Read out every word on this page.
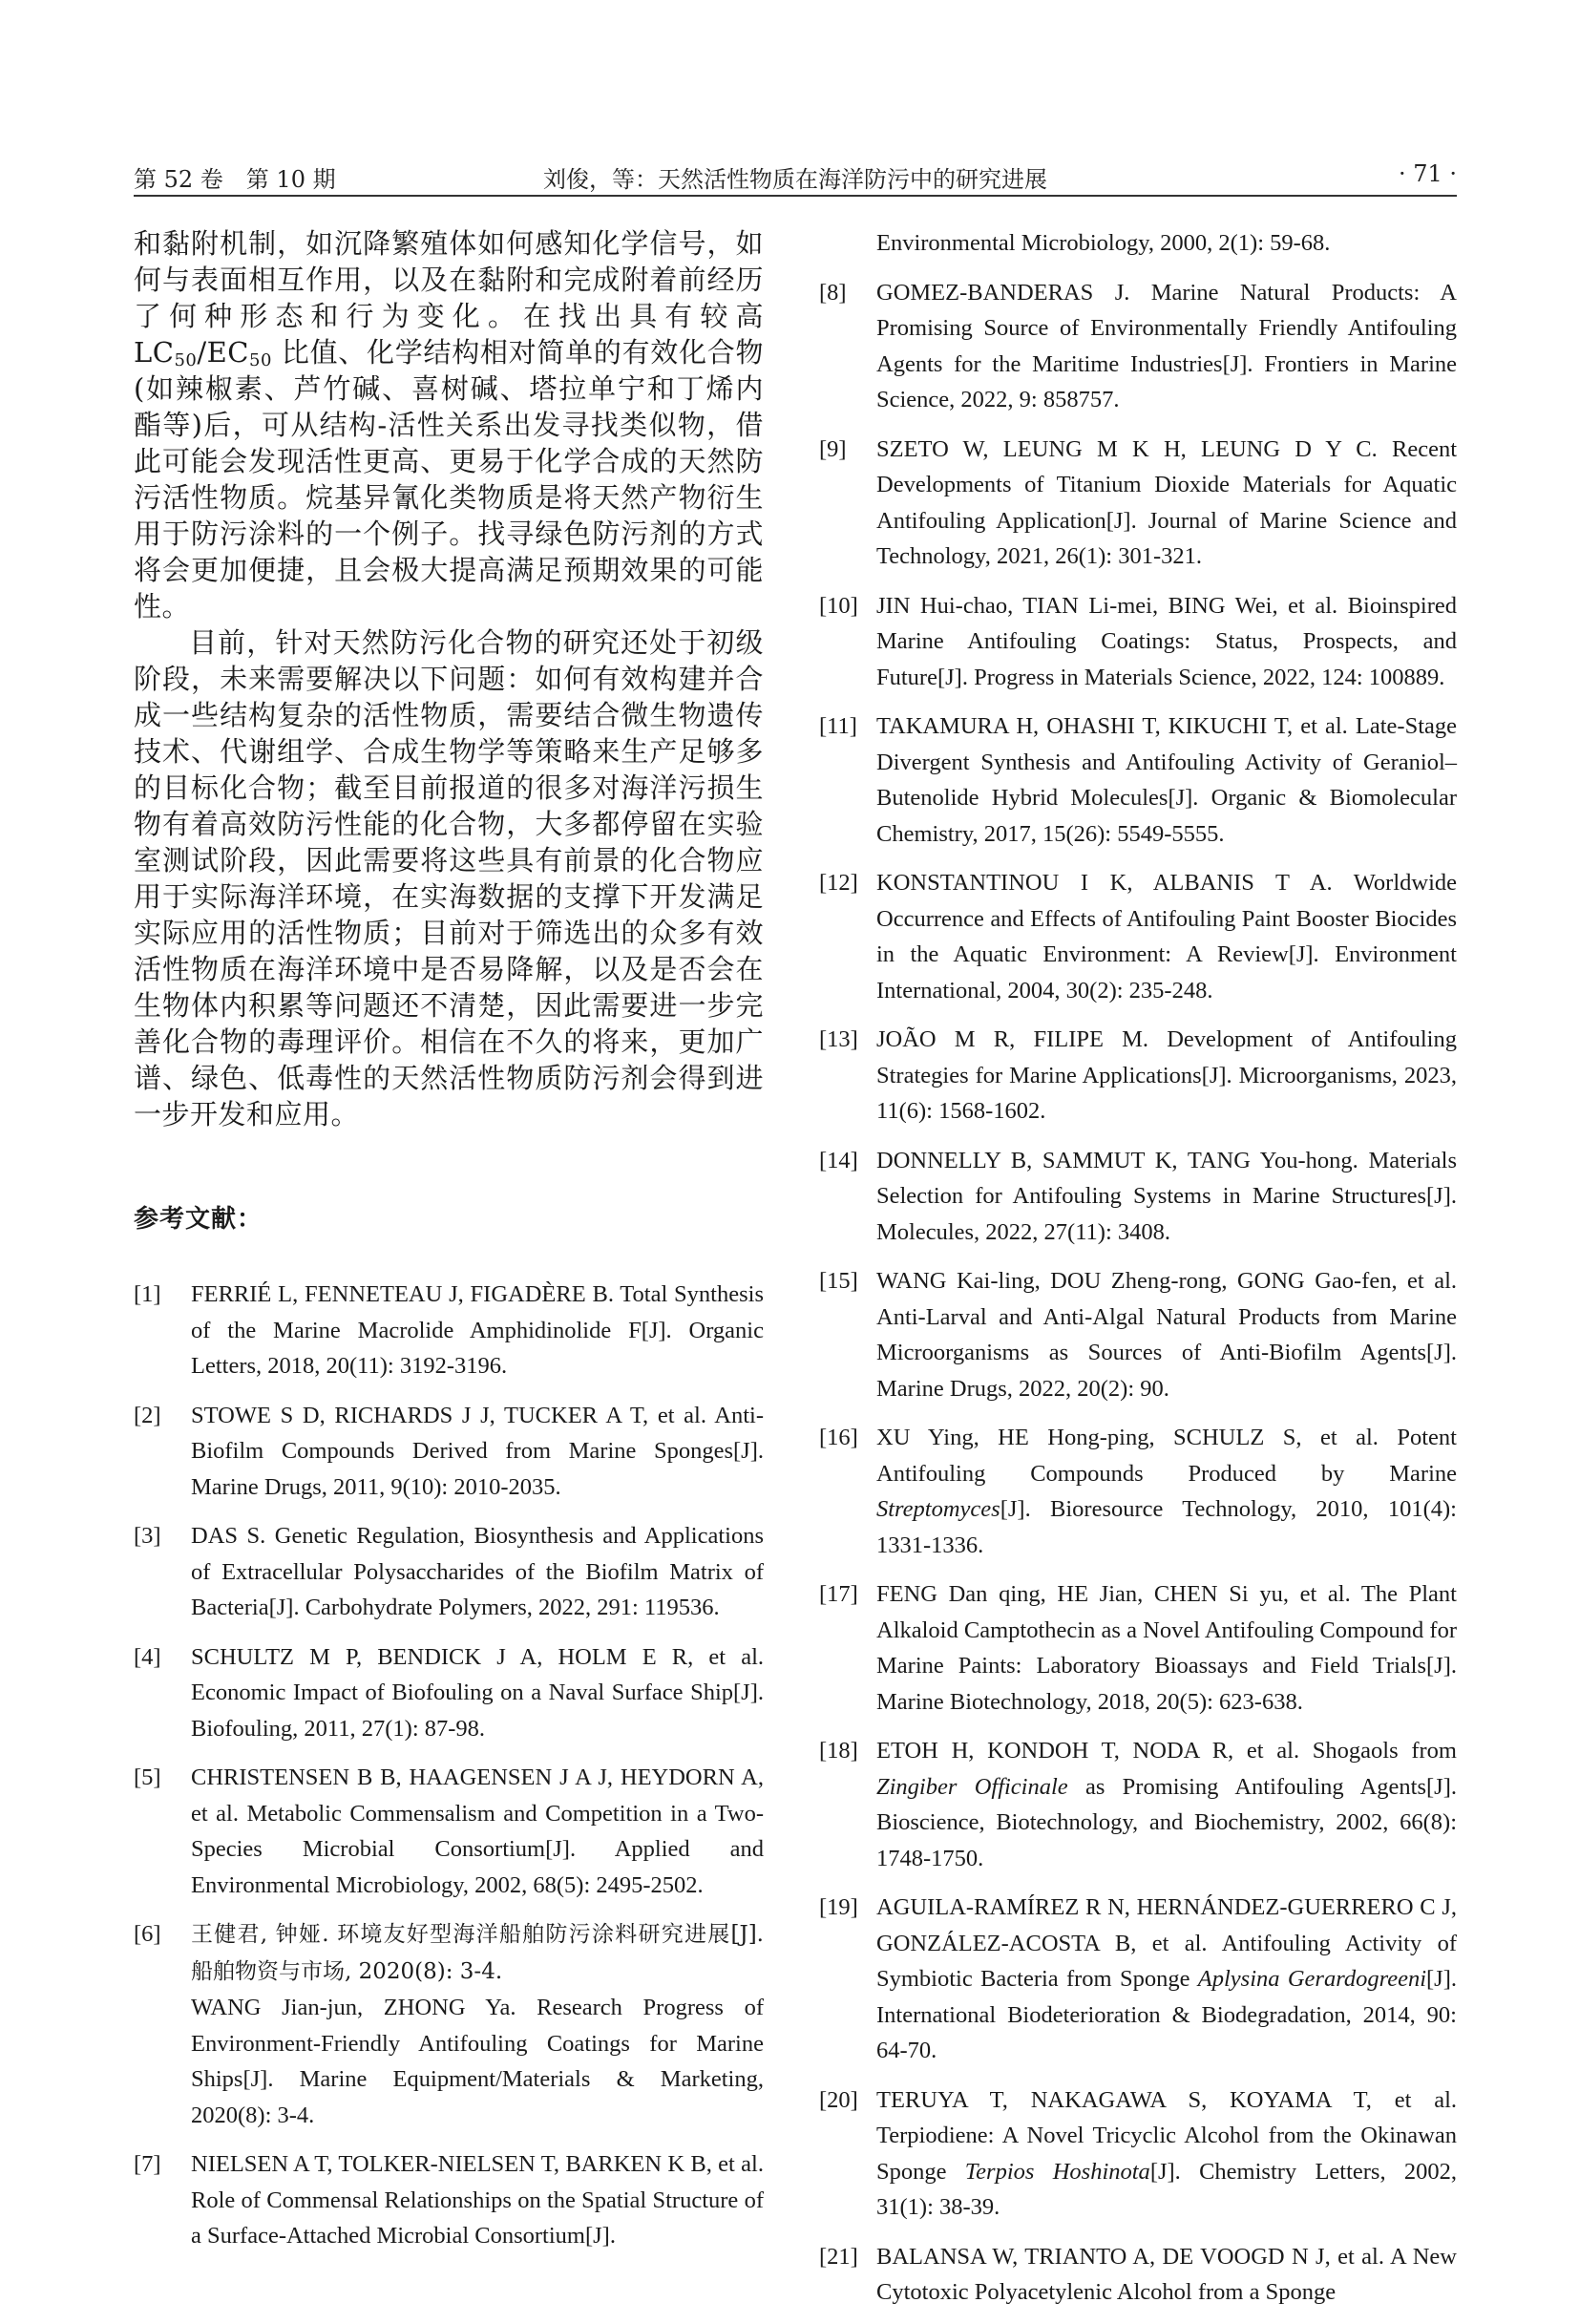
第 52 卷　第 10 期	刘俊，等：天然活性物质在海洋防污中的研究进展	· 71 ·

和黏附机制，如沉降繁殖体如何感知化学信号，如何与表面相互作用，以及在黏附和完成附着前经历了何种形态和行为变化。在找出具有较高 $LC_{50}/EC_{50}$ 比值、化学结构相对简单的有效化合物(如辣椒素、芦竹碱、喜树碱、塔拉单宁和丁烯内酯等)后，可从结构-活性关系出发寻找类似物，借此可能会发现活性更高、更易于化学合成的天然防污活性物质。烷基异氰化类物质是将天然产物衍生用于防污涂料的一个例子。找寻绿色防污剂的方式将会更加便捷，且会极大提高满足预期效果的可能性。

目前，针对天然防污化合物的研究还处于初级阶段，未来需要解决以下问题：如何有效构建并合成一些结构复杂的活性物质，需要结合微生物遗传技术、代谢组学、合成生物学等策略来生产足够多的目标化合物；截至目前报道的很多对海洋污损生物有着高效防污性能的化合物，大多都停留在实验室测试阶段，因此需要将这些具有前景的化合物应用于实际海洋环境，在实海数据的支撑下开发满足实际应用的活性物质；目前对于筛选出的众多有效活性物质在海洋环境中是否易降解，以及是否会在生物体内积累等问题还不清楚，因此需要进一步完善化合物的毒理评价。相信在不久的将来，更加广谱、绿色、低毒性的天然活性物质防污剂会得到进一步开发和应用。

参考文献：
[1] FERRIÉ L, FENNETEAU J, FIGADÈRE B. Total Synthesis of the Marine Macrolide Amphidinolide F[J]. Organic Letters, 2018, 20(11): 3192-3196.
[2] STOWE S D, RICHARDS J J, TUCKER A T, et al. Anti-Biofilm Compounds Derived from Marine Sponges[J]. Marine Drugs, 2011, 9(10): 2010-2035.
[3] DAS S. Genetic Regulation, Biosynthesis and Applications of Extracellular Polysaccharides of the Biofilm Matrix of Bacteria[J]. Carbohydrate Polymers, 2022, 291: 119536.
[4] SCHULTZ M P, BENDICK J A, HOLM E R, et al. Economic Impact of Biofouling on a Naval Surface Ship[J]. Biofouling, 2011, 27(1): 87-98.
[5] CHRISTENSEN B B, HAAGENSEN J A J, HEYDORN A, et al. Metabolic Commensalism and Competition in a Two-Species Microbial Consortium[J]. Applied and Environmental Microbiology, 2002, 68(5): 2495-2502.
[6] 王健君, 钟娅. 环境友好型海洋船舶防污涂料研究进展[J]. 船舶物资与市场, 2020(8): 3-4.
WANG Jian-jun, ZHONG Ya. Research Progress of Environment-Friendly Antifouling Coatings for Marine Ships[J]. Marine Equipment/Materials & Marketing, 2020(8): 3-4.
[7] NIELSEN A T, TOLKER-NIELSEN T, BARKEN K B, et al. Role of Commensal Relationships on the Spatial Structure of a Surface-Attached Microbial Consortium[J].
Environmental Microbiology, 2000, 2(1): 59-68.
[8] GOMEZ-BANDERAS J. Marine Natural Products: A Promising Source of Environmentally Friendly Antifouling Agents for the Maritime Industries[J]. Frontiers in Marine Science, 2022, 9: 858757.
[9] SZETO W, LEUNG M K H, LEUNG D Y C. Recent Developments of Titanium Dioxide Materials for Aquatic Antifouling Application[J]. Journal of Marine Science and Technology, 2021, 26(1): 301-321.
[10] JIN Hui-chao, TIAN Li-mei, BING Wei, et al. Bioinspired Marine Antifouling Coatings: Status, Prospects, and Future[J]. Progress in Materials Science, 2022, 124: 100889.
[11] TAKAMURA H, OHASHI T, KIKUCHI T, et al. Late-Stage Divergent Synthesis and Antifouling Activity of Geraniol–Butenolide Hybrid Molecules[J]. Organic & Biomolecular Chemistry, 2017, 15(26): 5549-5555.
[12] KONSTANTINOU I K, ALBANIS T A. Worldwide Occurrence and Effects of Antifouling Paint Booster Biocides in the Aquatic Environment: A Review[J]. Environment International, 2004, 30(2): 235-248.
[13] JOÃO M R, FILIPE M. Development of Antifouling Strategies for Marine Applications[J]. Microorganisms, 2023, 11(6): 1568-1602.
[14] DONNELLY B, SAMMUT K, TANG You-hong. Materials Selection for Antifouling Systems in Marine Structures[J]. Molecules, 2022, 27(11): 3408.
[15] WANG Kai-ling, DOU Zheng-rong, GONG Gao-fen, et al. Anti-Larval and Anti-Algal Natural Products from Marine Microorganisms as Sources of Anti-Biofilm Agents[J]. Marine Drugs, 2022, 20(2): 90.
[16] XU Ying, HE Hong-ping, SCHULZ S, et al. Potent Antifouling Compounds Produced by Marine Streptomyces[J]. Bioresource Technology, 2010, 101(4): 1331-1336.
[17] FENG Dan qing, HE Jian, CHEN Si yu, et al. The Plant Alkaloid Camptothecin as a Novel Antifouling Compound for Marine Paints: Laboratory Bioassays and Field Trials[J]. Marine Biotechnology, 2018, 20(5): 623-638.
[18] ETOH H, KONDOH T, NODA R, et al. Shogaols from Zingiber Officinale as Promising Antifouling Agents[J]. Bioscience, Biotechnology, and Biochemistry, 2002, 66(8): 1748-1750.
[19] AGUILA-RAMÍREZ R N, HERNÁNDEZ-GUERRERO C J, GONZÁLEZ-ACOSTA B, et al. Antifouling Activity of Symbiotic Bacteria from Sponge Aplysina Gerardogreeni[J]. International Biodeterioration & Biodegradation, 2014, 90: 64-70.
[20] TERUYA T, NAKAGAWA S, KOYAMA T, et al. Terpiodiene: A Novel Tricyclic Alcohol from the Okinawan Sponge Terpios Hoshinota[J]. Chemistry Letters, 2002, 31(1): 38-39.
[21] BALANSA W, TRIANTO A, DE VOOGD N J, et al. A New Cytotoxic Polyacetylenic Alcohol from a Sponge
